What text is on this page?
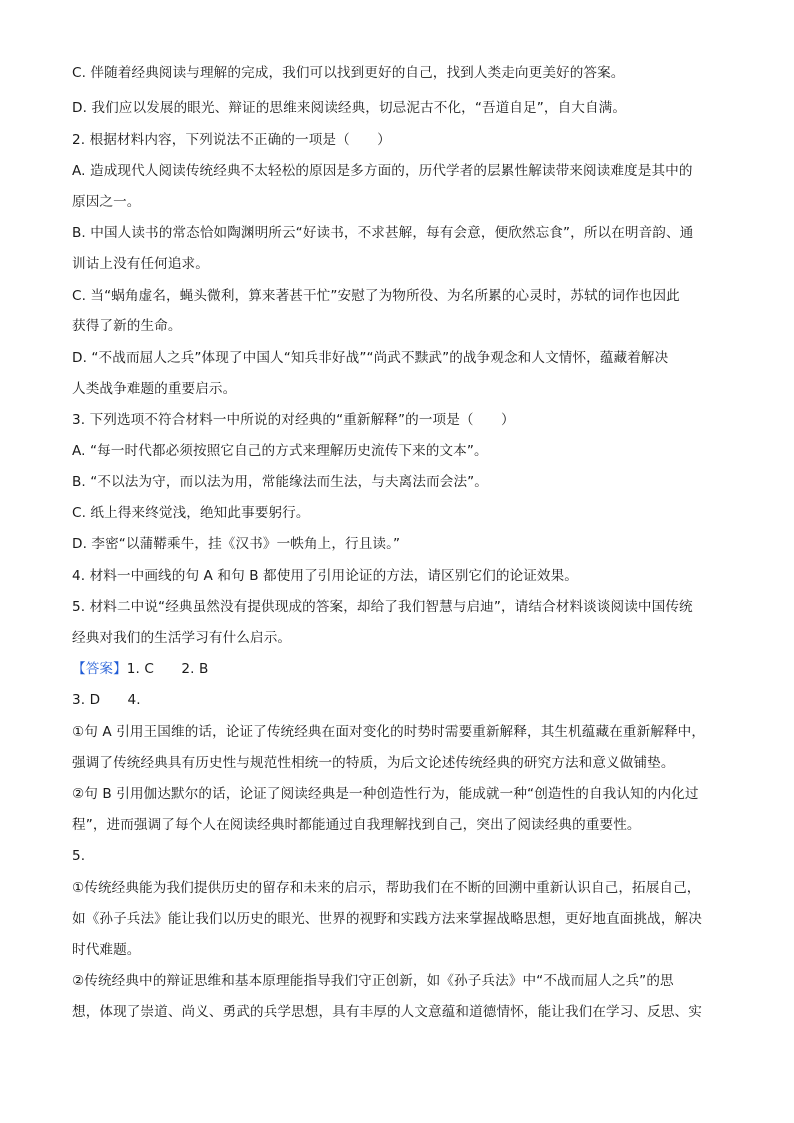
C. 伴随着经典阅读与理解的完成，我们可以找到更好的自己，找到人类走向更美好的答案。
D. 我们应以发展的眼光、辩证的思维来阅读经典，切忌泥古不化，“吾道自足”，自大自满。
2. 根据材料内容，下列说法不正确的一项是（　　）
A. 造成现代人阅读传统经典不太轻松的原因是多方面的，历代学者的层累性解读带来阅读难度是其中的
原因之一。
B. 中国人读书的常态恰如陶渊明所云“好读书，不求甚解，每有会意，便欣然忘食”，所以在明音韵、通
训诂上没有任何追求。
C. 当“蜗角虚名，蝇头微利，算来著甚干忙”安慰了为物所役、为名所累的心灵时，苏轼的词作也因此
获得了新的生命。
D. “不战而屈人之兵”体现了中国人“知兵非好战”“尚武不黩武”的战争观念和人文情怀，蕴藏着解决
人类战争难题的重要启示。
3. 下列选项不符合材料一中所说的对经典的“重新解释”的一项是（　　）
A. “每一时代都必须按照它自己的方式来理解历史流传下来的文本”。
B. “不以法为守，而以法为用，常能缘法而生法，与夫离法而会法”。
C. 纸上得来终觉浅，绝知此事要躬行。
D. 李密“以蒲鞯乘牛，挂《汉书》一帙角上，行且读。”
4. 材料一中画线的句 A 和句 B 都使用了引用论证的方法，请区别它们的论证效果。
5. 材料二中说“经典虽然没有提供现成的答案，却给了我们智慧与启迪”，请结合材料谈谈阅读中国传统
经典对我们的生活学习有什么启示。
【答案】1. C　　2. B
3. D　　4.
①句 A 引用王国维的话，论证了传统经典在面对变化的时势时需要重新解释，其生机蕴藏在重新解释中，
强调了传统经典具有历史性与规范性相统一的特质，为后文论述传统经典的研究方法和意义做铺垫。
②句 B 引用伽达默尔的话，论证了阅读经典是一种创造性行为，能成就一种“创造性的自我认知的内化过
程”，进而强调了每个人在阅读经典时都能通过自我理解找到自己，突出了阅读经典的重要性。
5.
①传统经典能为我们提供历史的留存和未来的启示，帮助我们在不断的回溯中重新认识自己，拓展自己，
如《孙子兵法》能让我们以历史的眼光、世界的视野和实践方法来掌握战略思想，更好地直面挑战，解决
时代难题。
②传统经典中的辩证思维和基本原理能指导我们守正创新，如《孙子兵法》中“不战而屈人之兵”的思
想，体现了崇道、尚义、勇武的兵学思想，具有丰厚的人文意蕴和道德情怀，能让我们在学习、反思、实
